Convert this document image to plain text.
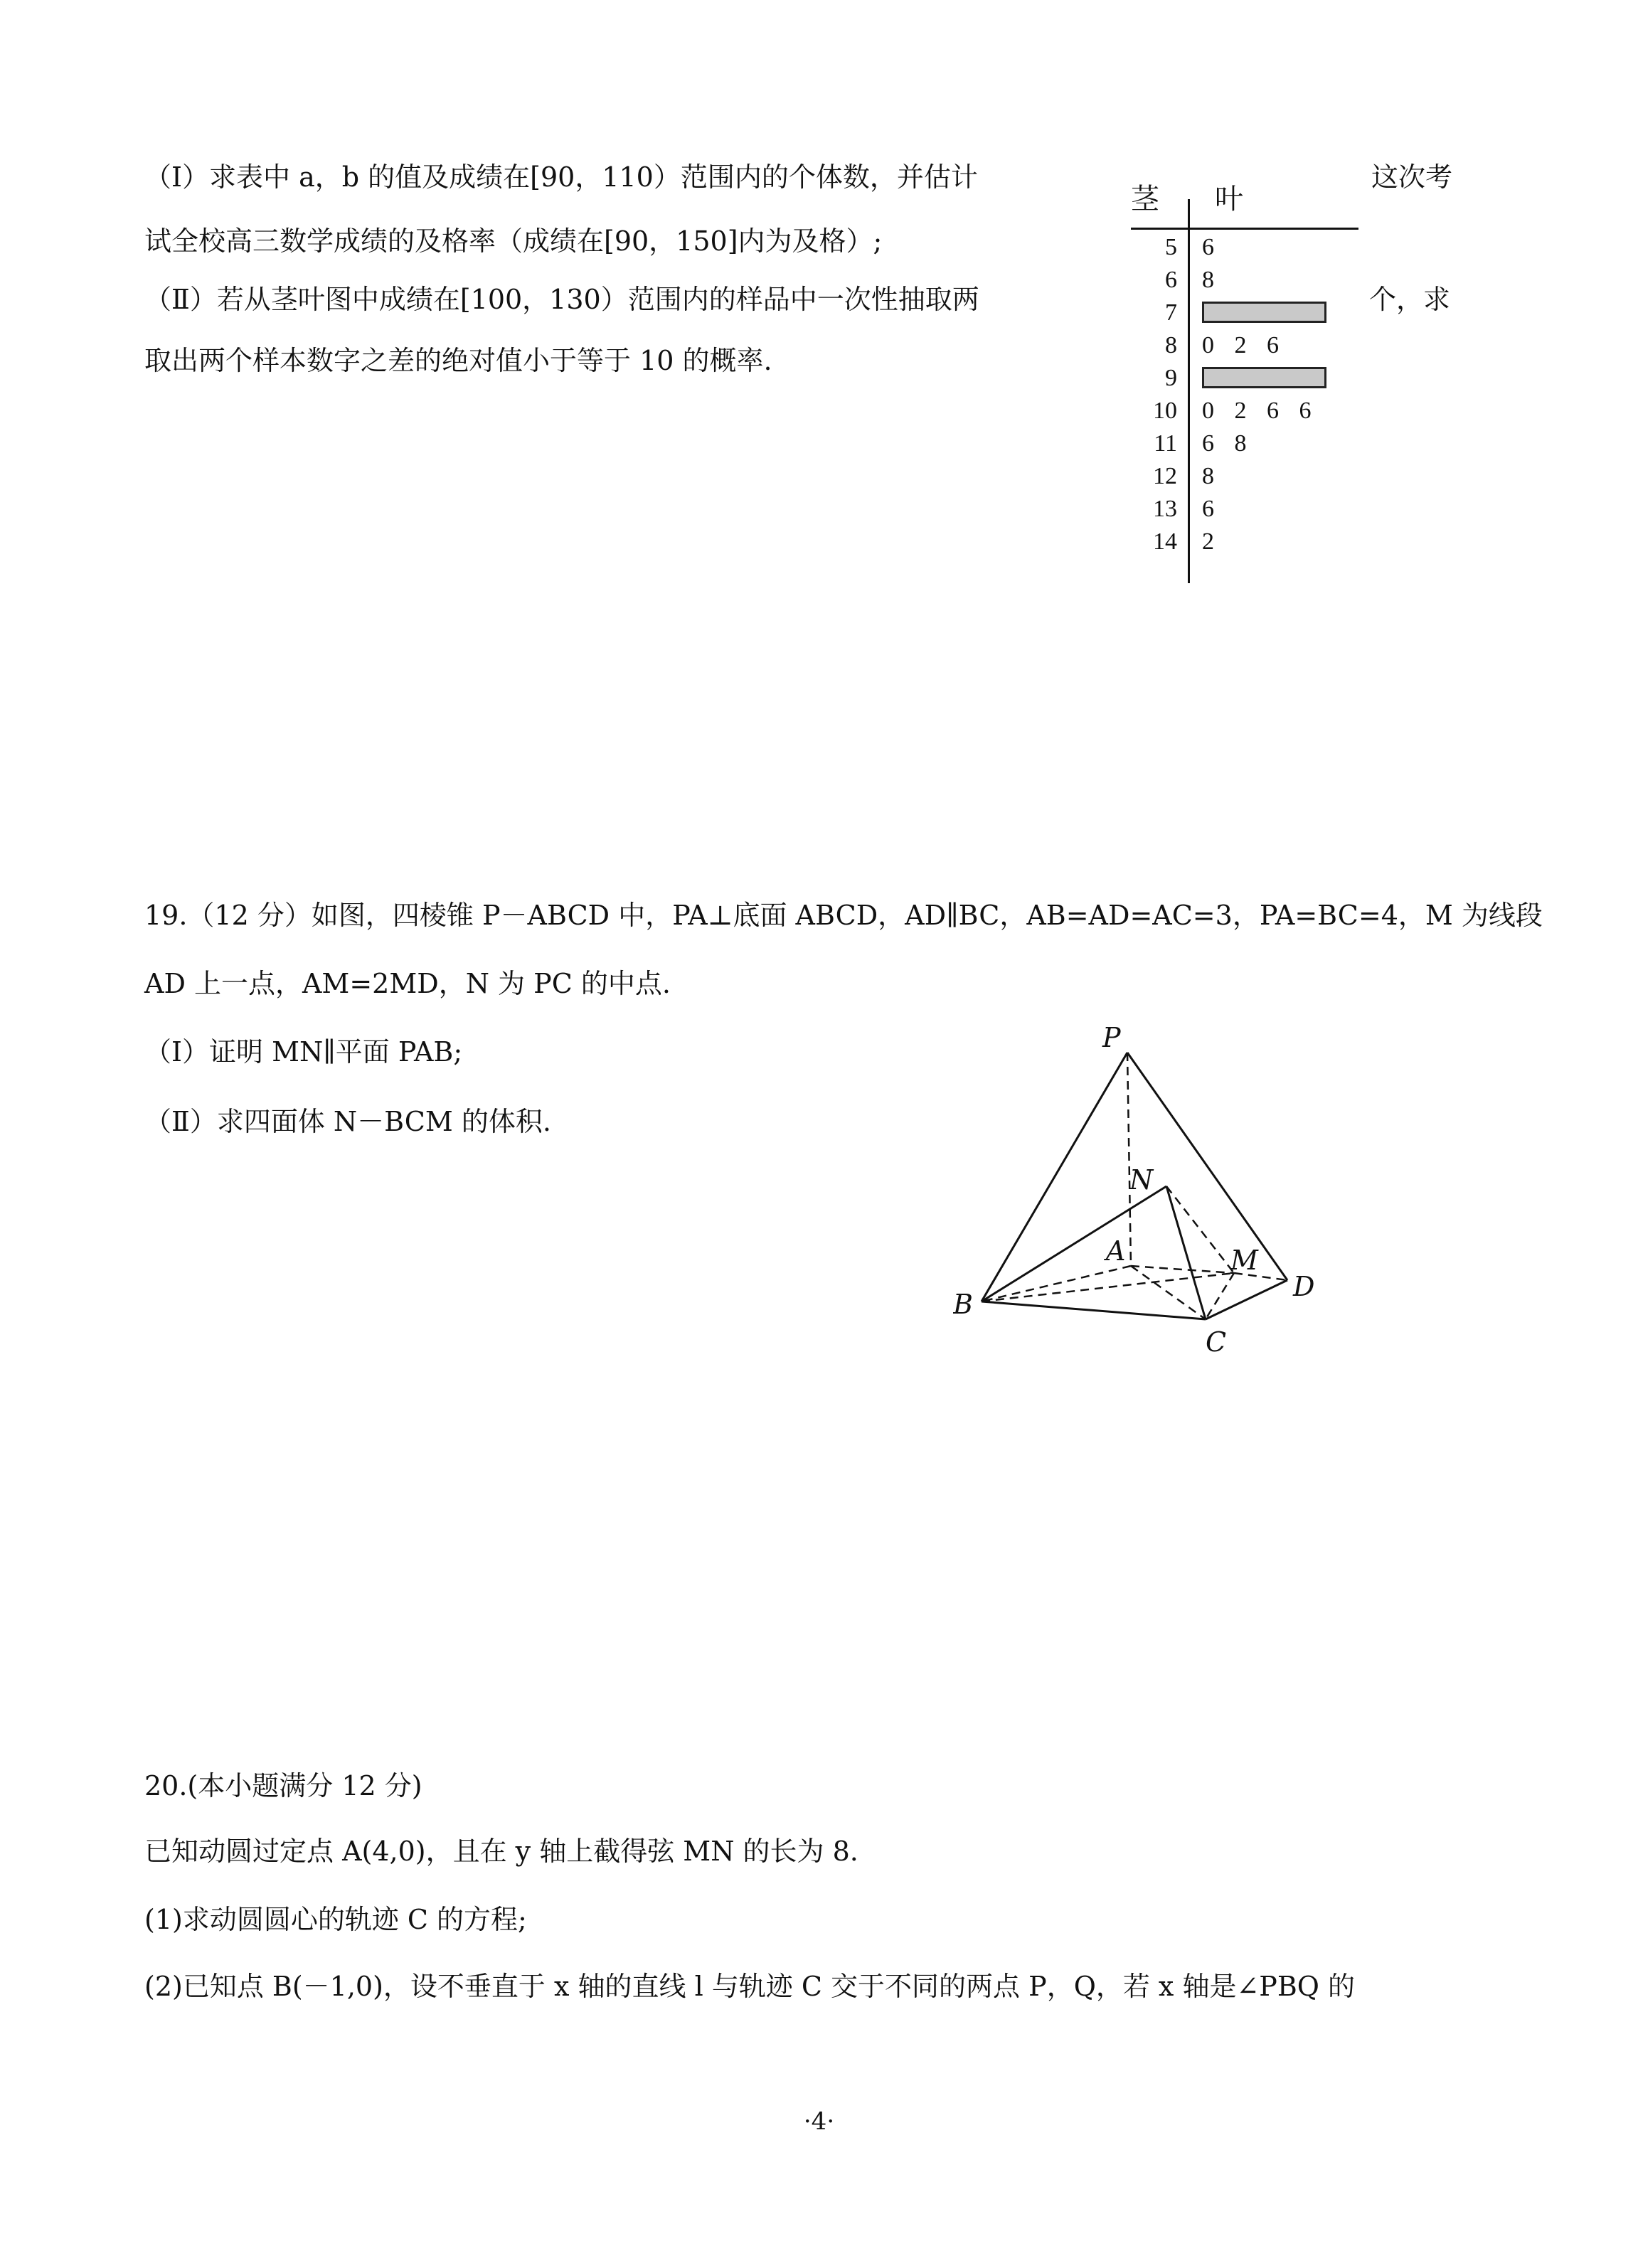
（Ⅰ）求表中 a，b 的值及成绩在[90，110）范围内的个体数，并估计	这次考
试全校高三数学成绩的及格率（成绩在[90，150]内为及格）;
（Ⅱ）若从茎叶图中成绩在[100，130）范围内的样品中一次性抽取两	个，求
取出两个样本数字之差的绝对值小于等于 10 的概率.
茎 叶
5 6
6 8
7
8 0 2 6
9
10 0 2 6 6
11 6 8
12 8
13 6
14 2
19.（12 分）如图，四棱锥 P－ABCD 中，PA⊥底面 ABCD，AD∥BC，AB=AD=AC=3，PA=BC=4，M 为线段
AD 上一点，AM=2MD，N 为 PC 的中点.
（Ⅰ）证明 MN∥平面 PAB;
（Ⅱ）求四面体 N－BCM 的体积.
P
N
A	M
D
B
C
20.(本小题满分 12 分)
已知动圆过定点 A(4,0)，且在 y 轴上截得弦 MN 的长为 8.
(1)求动圆圆心的轨迹 C 的方程;
(2)已知点 B(－1,0)，设不垂直于 x 轴的直线 l 与轨迹 C 交于不同的两点 P，Q，若 x 轴是∠PBQ 的
·4·
